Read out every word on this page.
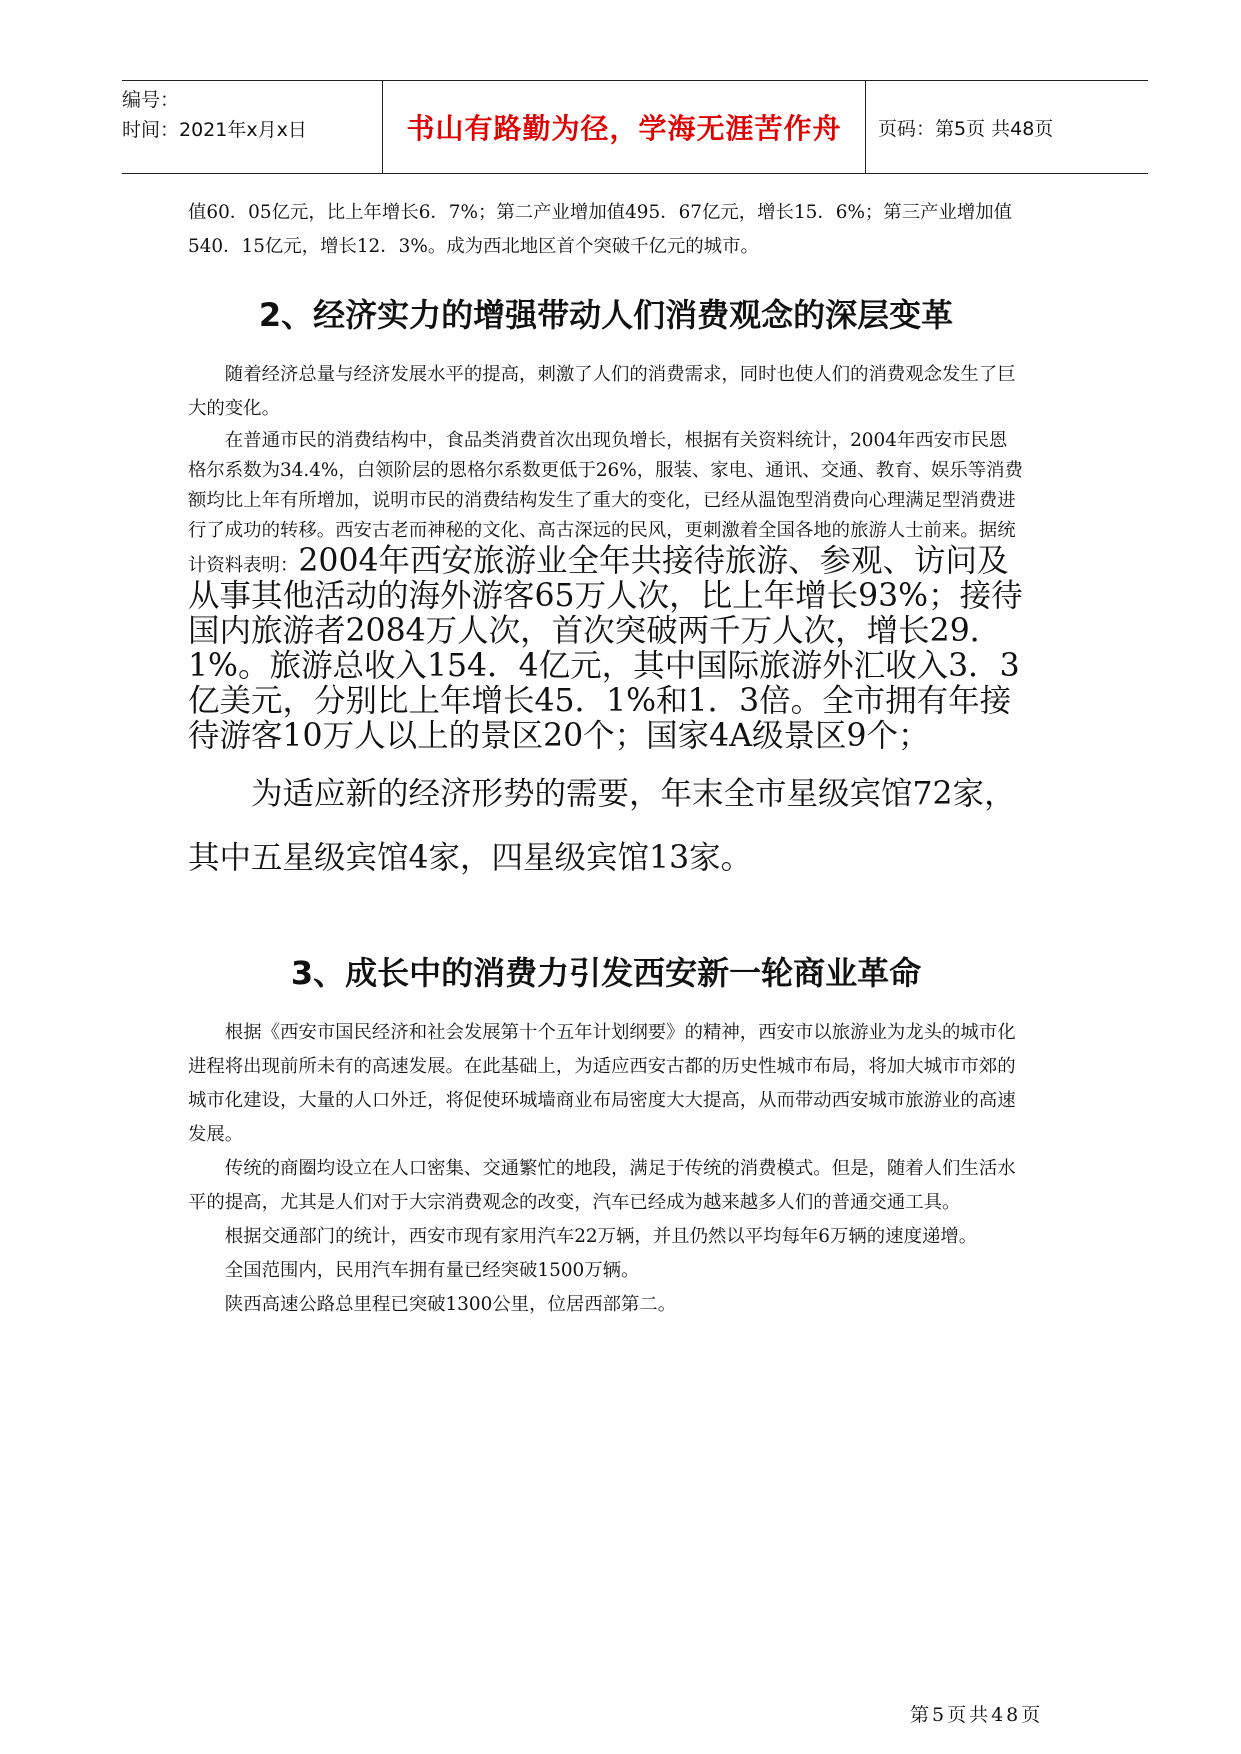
编号：
时间：2021年x月x日	书山有路勤为径，学海无涯苦作舟 页码：第5页 共48页

值60．05亿元，比上年增长6．7%；第二产业增加值495．67亿元，增长15．6%；第三产业增加值540．15亿元，增长12．3%。成为西北地区首个突破千亿元的城市。

2、经济实力的增强带动人们消费观念的深层变革

随着经济总量与经济发展水平的提高，刺激了人们的消费需求，同时也使人们的消费观念发生了巨大的变化。

在普通市民的消费结构中，食品类消费首次出现负增长，根据有关资料统计，2004年西安市民恩格尔系数为34.4%，白领阶层的恩格尔系数更低于26%，服装、家电、通讯、交通、教育、娱乐等消费额均比上年有所增加，说明市民的消费结构发生了重大的变化，已经从温饱型消费向心理满足型消费进行了成功的转移。西安古老而神秘的文化、高古深远的民风，更刺激着全国各地的旅游人士前来。据统计资料表明：2004年西安旅游业全年共接待旅游、参观、访问及从事其他活动的海外游客65万人次，比上年增长93%；接待国内旅游者2084万人次，首次突破两千万人次，增长29．1%。旅游总收入154．4亿元，其中国际旅游外汇收入3．3亿美元，分别比上年增长45．1%和1．3倍。全市拥有年接待游客10万人以上的景区20个；国家4A级景区9个；

为适应新的经济形势的需要，年末全市星级宾馆72家，其中五星级宾馆4家，四星级宾馆13家。

3、成长中的消费力引发西安新一轮商业革命

根据《西安市国民经济和社会发展第十个五年计划纲要》的精神，西安市以旅游业为龙头的城市化进程将出现前所未有的高速发展。在此基础上，为适应西安古都的历史性城市布局，将加大城市市郊的城市化建设，大量的人口外迁，将促使环城墙商业布局密度大大提高，从而带动西安城市旅游业的高速发展。

传统的商圈均设立在人口密集、交通繁忙的地段，满足于传统的消费模式。但是，随着人们生活水平的提高，尤其是人们对于大宗消费观念的改变，汽车已经成为越来越多人们的普通交通工具。

根据交通部门的统计，西安市现有家用汽车22万辆，并且仍然以平均每年6万辆的速度递增。

全国范围内，民用汽车拥有量已经突破1500万辆。

陕西高速公路总里程已突破1300公里，位居西部第二。

第5页共48页
